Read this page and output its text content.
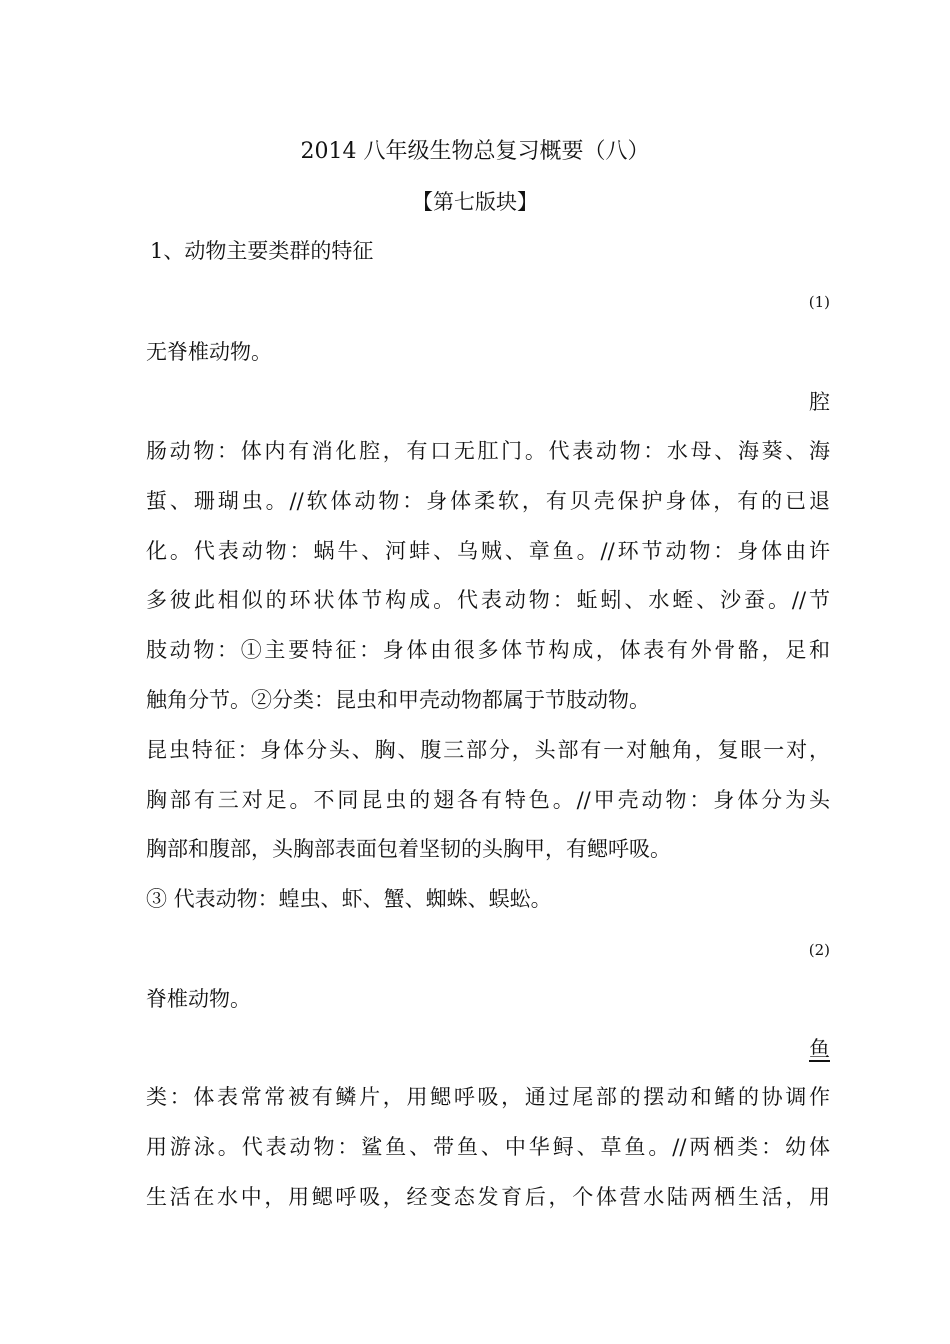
2014 八年级生物总复习概要（八）
【第七版块】
1、动物主要类群的特征
(1)
无脊椎动物。
腔
肠动物：体内有消化腔，有口无肛门。代表动物：水母、海葵、海
蜇、珊瑚虫。//软体动物：身体柔软，有贝壳保护身体，有的已退
化。代表动物：蜗牛、河蚌、乌贼、章鱼。//环节动物：身体由许
多彼此相似的环状体节构成。代表动物：蚯蚓、水蛭、沙蚕。//节
肢动物：①主要特征：身体由很多体节构成，体表有外骨骼，足和
触角分节。②分类：昆虫和甲壳动物都属于节肢动物。
昆虫特征：身体分头、胸、腹三部分，头部有一对触角，复眼一对，
胸部有三对足。不同昆虫的翅各有特色。//甲壳动物：身体分为头
胸部和腹部，头胸部表面包着坚韧的头胸甲，有鳃呼吸。
③ 代表动物：蝗虫、虾、蟹、蜘蛛、蜈蚣。
(2)
脊椎动物。
鱼
类：体表常常被有鳞片，用鳃呼吸，通过尾部的摆动和鳍的协调作
用游泳。代表动物：鲨鱼、带鱼、中华鲟、草鱼。//两栖类：幼体
生活在水中，用鳃呼吸，经变态发育后，个体营水陆两栖生活，用
